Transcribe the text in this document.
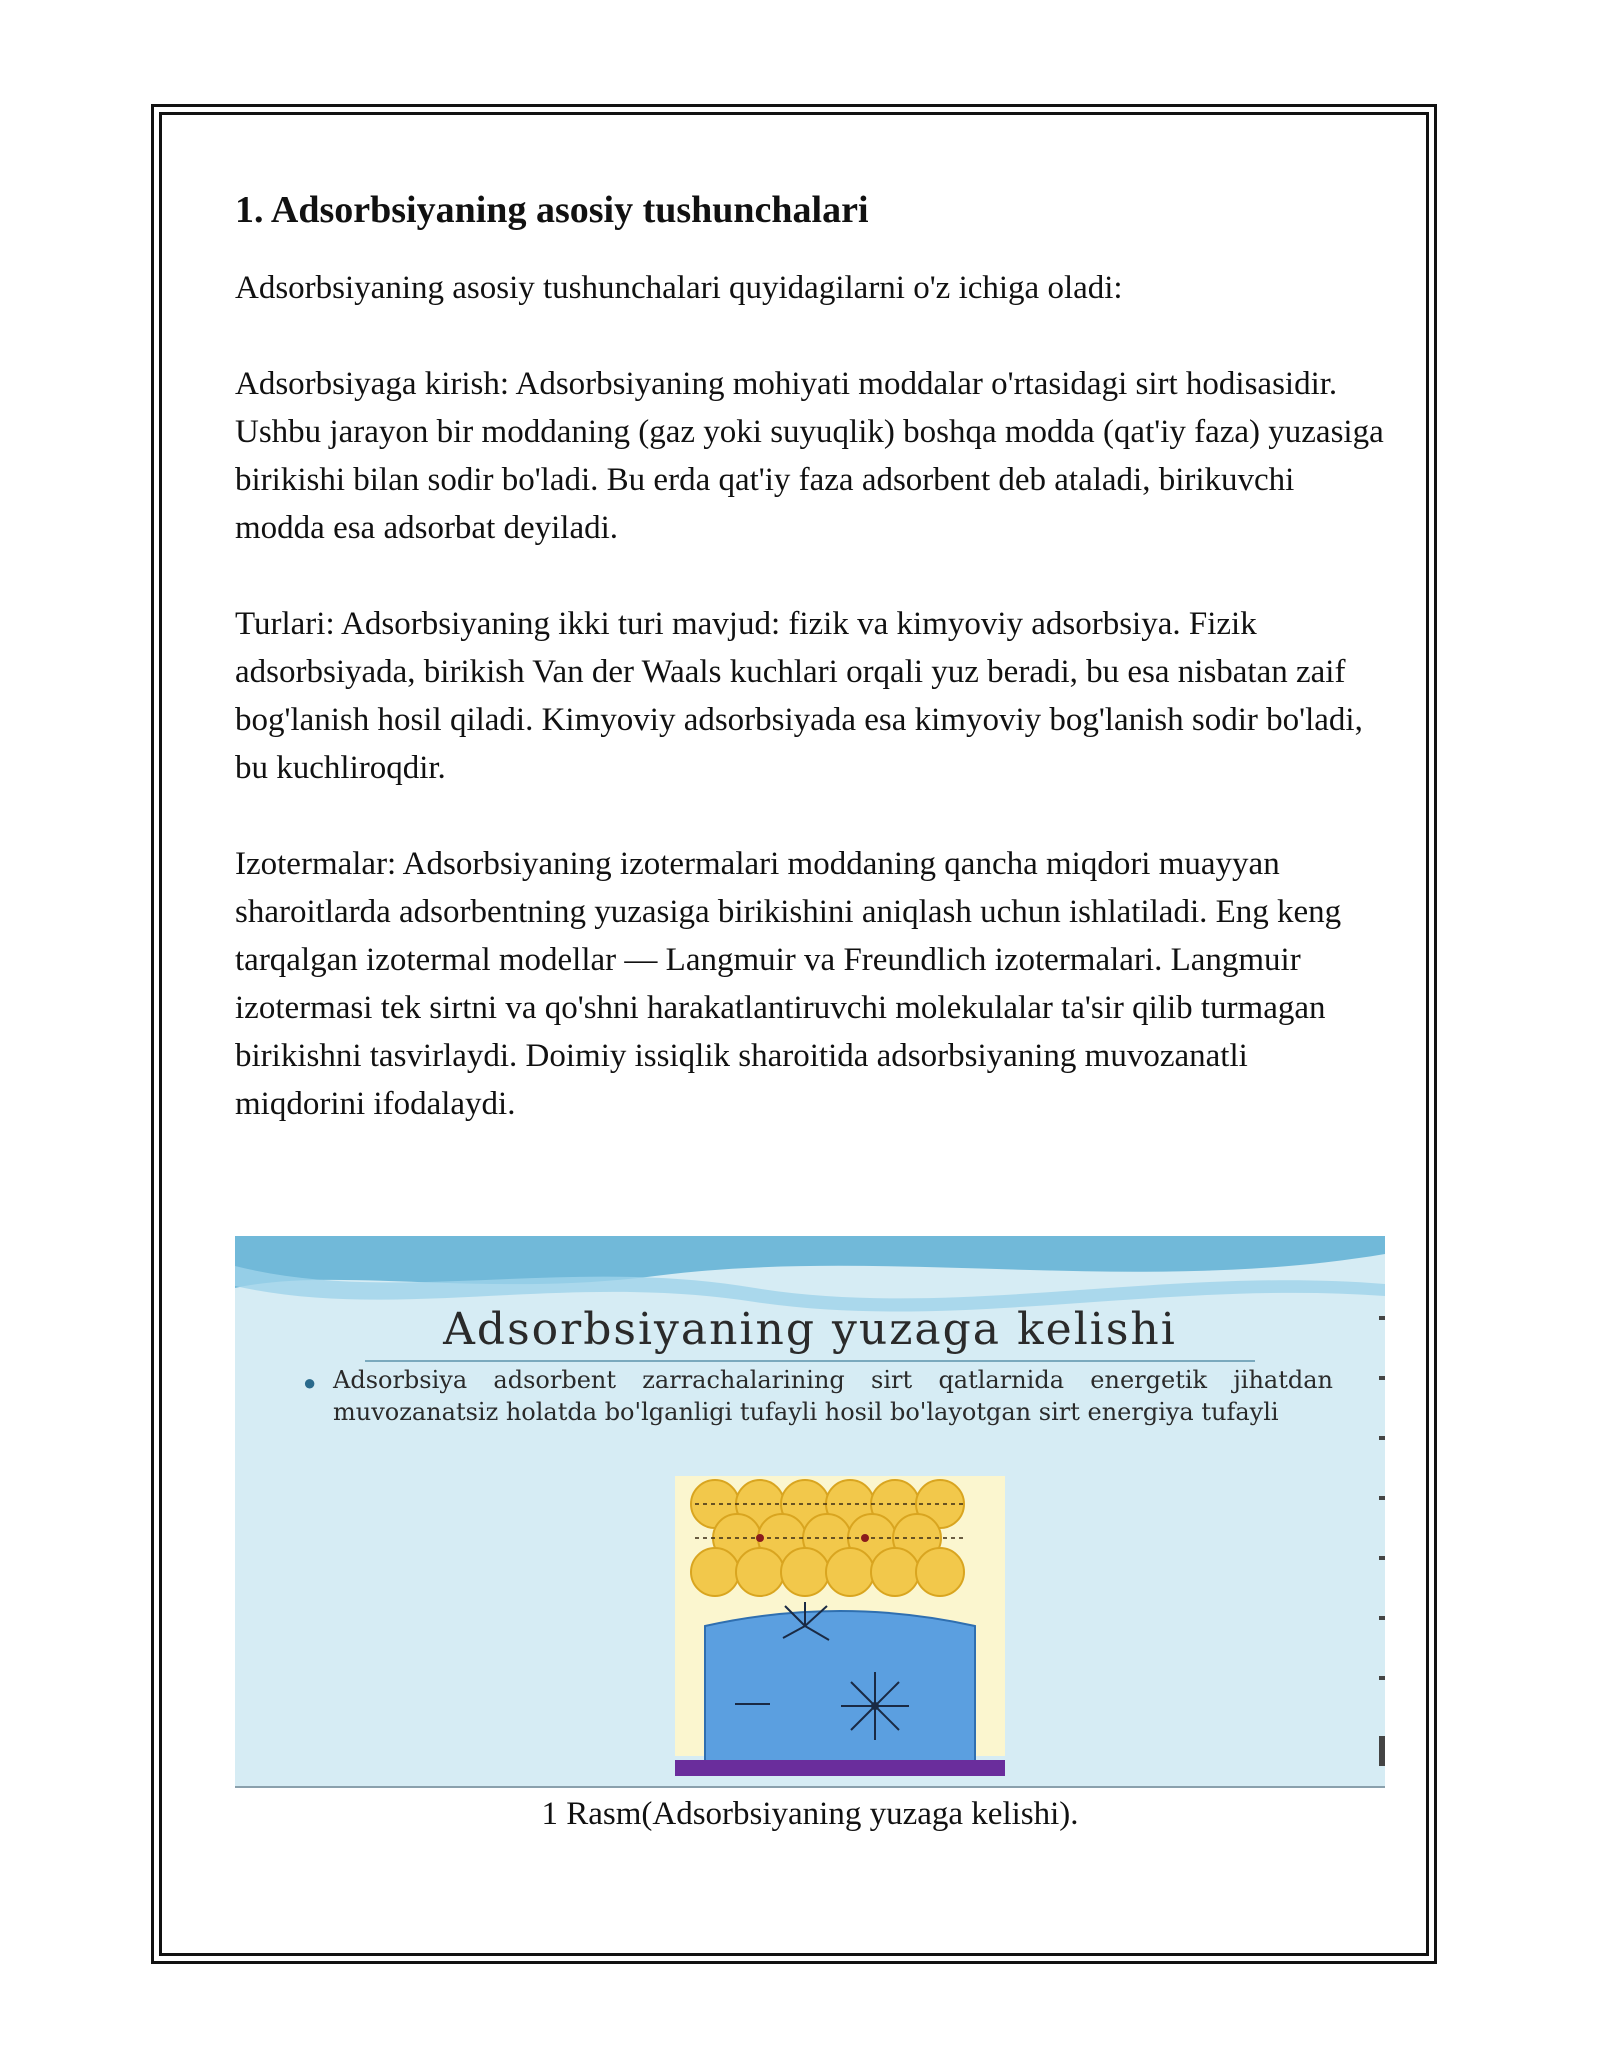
1. Adsorbsiyaning asosiy tushunchalari

Adsorbsiyaning asosiy tushunchalari quyidagilarni o'z ichiga oladi:

Adsorbsiyaga kirish: Adsorbsiyaning mohiyati moddalar o'rtasidagi sirt hodisasidir. Ushbu jarayon bir moddaning (gaz yoki suyuqlik) boshqa modda (qat'iy faza) yuzasiga birikishi bilan sodir bo'ladi. Bu erda qat'iy faza adsorbent deb ataladi, birikuvchi modda esa adsorbat deyiladi.

Turlari: Adsorbsiyaning ikki turi mavjud: fizik va kimyoviy adsorbsiya. Fizik adsorbsiyada, birikish Van der Waals kuchlari orqali yuz beradi, bu esa nisbatan zaif bog'lanish hosil qiladi. Kimyoviy adsorbsiyada esa kimyoviy bog'lanish sodir bo'ladi, bu kuchliroqdir.

Izotermalar: Adsorbsiyaning izotermalari moddaning qancha miqdori muayyan sharoitlarda adsorbentning yuzasiga birikishini aniqlash uchun ishlatiladi. Eng keng tarqalgan izotermal modellar — Langmuir va Freundlich izotermalari. Langmuir izotermasi tek sirtni va qo'shni harakatlantiruvchi molekulalar ta'sir qilib turmagan birikishni tasvirlaydi. Doimiy issiqlik sharoitida adsorbsiyaning muvozanatli miqdorini ifodalaydi.

Adsorbsiyaning yuzaga kelishi
● Adsorbsiya adsorbent zarrachalarining sirt qatlarnida energetik jihatdan muvozanatsiz holatda bo'lganligi tufayli hosil bo'layotgan sirt energiya tufayli
1 Rasm(Adsorbsiyaning yuzaga kelishi).
